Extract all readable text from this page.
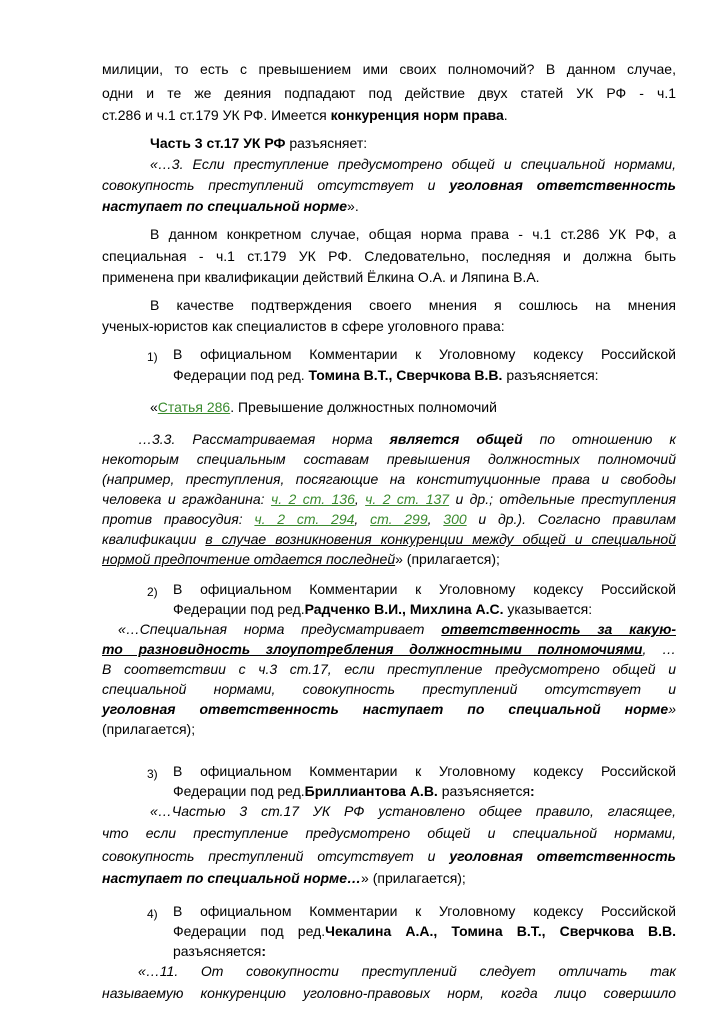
милиции, то есть с превышением ими своих полномочий? В данном случае,
одни и те же деяния подпадают под действие двух статей УК РФ - ч.1
ст.286 и ч.1 ст.179 УК РФ. Имеется конкуренция норм права.
Часть 3 ст.17 УК РФ разъясняет:
«…3. Если преступление предусмотрено общей и специальной нормами,
совокупность преступлений отсутствует и уголовная ответственность
наступает по специальной норме».
В данном конкретном случае, общая норма права - ч.1 ст.286 УК РФ, а
специальная - ч.1 ст.179 УК РФ. Следовательно, последняя и должна быть
применена при квалификации действий Ёлкина О.А. и Ляпина В.А.
В качестве подтверждения своего мнения я сошлюсь на мнения
ученых-юристов как специалистов в сфере уголовного права:
1)	В официальном Комментарии к Уголовному кодексу Российской
Федерации под ред. Томина В.Т., Сверчкова В.В. разъясняется:
«Статья 286. Превышение должностных полномочий
…3.3. Рассматриваемая норма является общей по отношению к
некоторым специальным составам превышения должностных полномочий
(например, преступления, посягающие на конституционные права и свободы
человека и гражданина: ч. 2 ст. 136, ч. 2 ст. 137 и др.; отдельные преступления
против правосудия: ч. 2 ст. 294, ст. 299, 300 и др.). Согласно правилам
квалификации в случае возникновения конкуренции между общей и специальной
нормой предпочтение отдается последней» (прилагается);
2)	В официальном Комментарии к Уголовному кодексу Российской
Федерации под ред.Радченко В.И., Михлина А.С. указывается:
«…Специальная норма предусматривает ответственность за какую-
то разновидность злоупотребления должностными полномочиями, …
В соответствии с ч.3 ст.17, если преступление предусмотрено общей и
специальной нормами, совокупность преступлений отсутствует и
уголовная ответственность наступает по специальной норме»
(прилагается);
3)	В официальном Комментарии к Уголовному кодексу Российской
Федерации под ред.Бриллиантова А.В. разъясняется:
«…Частью 3 ст.17 УК РФ установлено общее правило, гласящее,
что если преступление предусмотрено общей и специальной нормами,
совокупность преступлений отсутствует и уголовная ответственность
наступает по специальной норме…» (прилагается);
4)	В официальном Комментарии к Уголовному кодексу Российской
Федерации под ред.Чекалина А.А., Томина В.Т., Сверчкова В.В.
разъясняется:
«…11. От совокупности преступлений следует отличать так
называемую конкуренцию уголовно-правовых норм, когда лицо совершило
